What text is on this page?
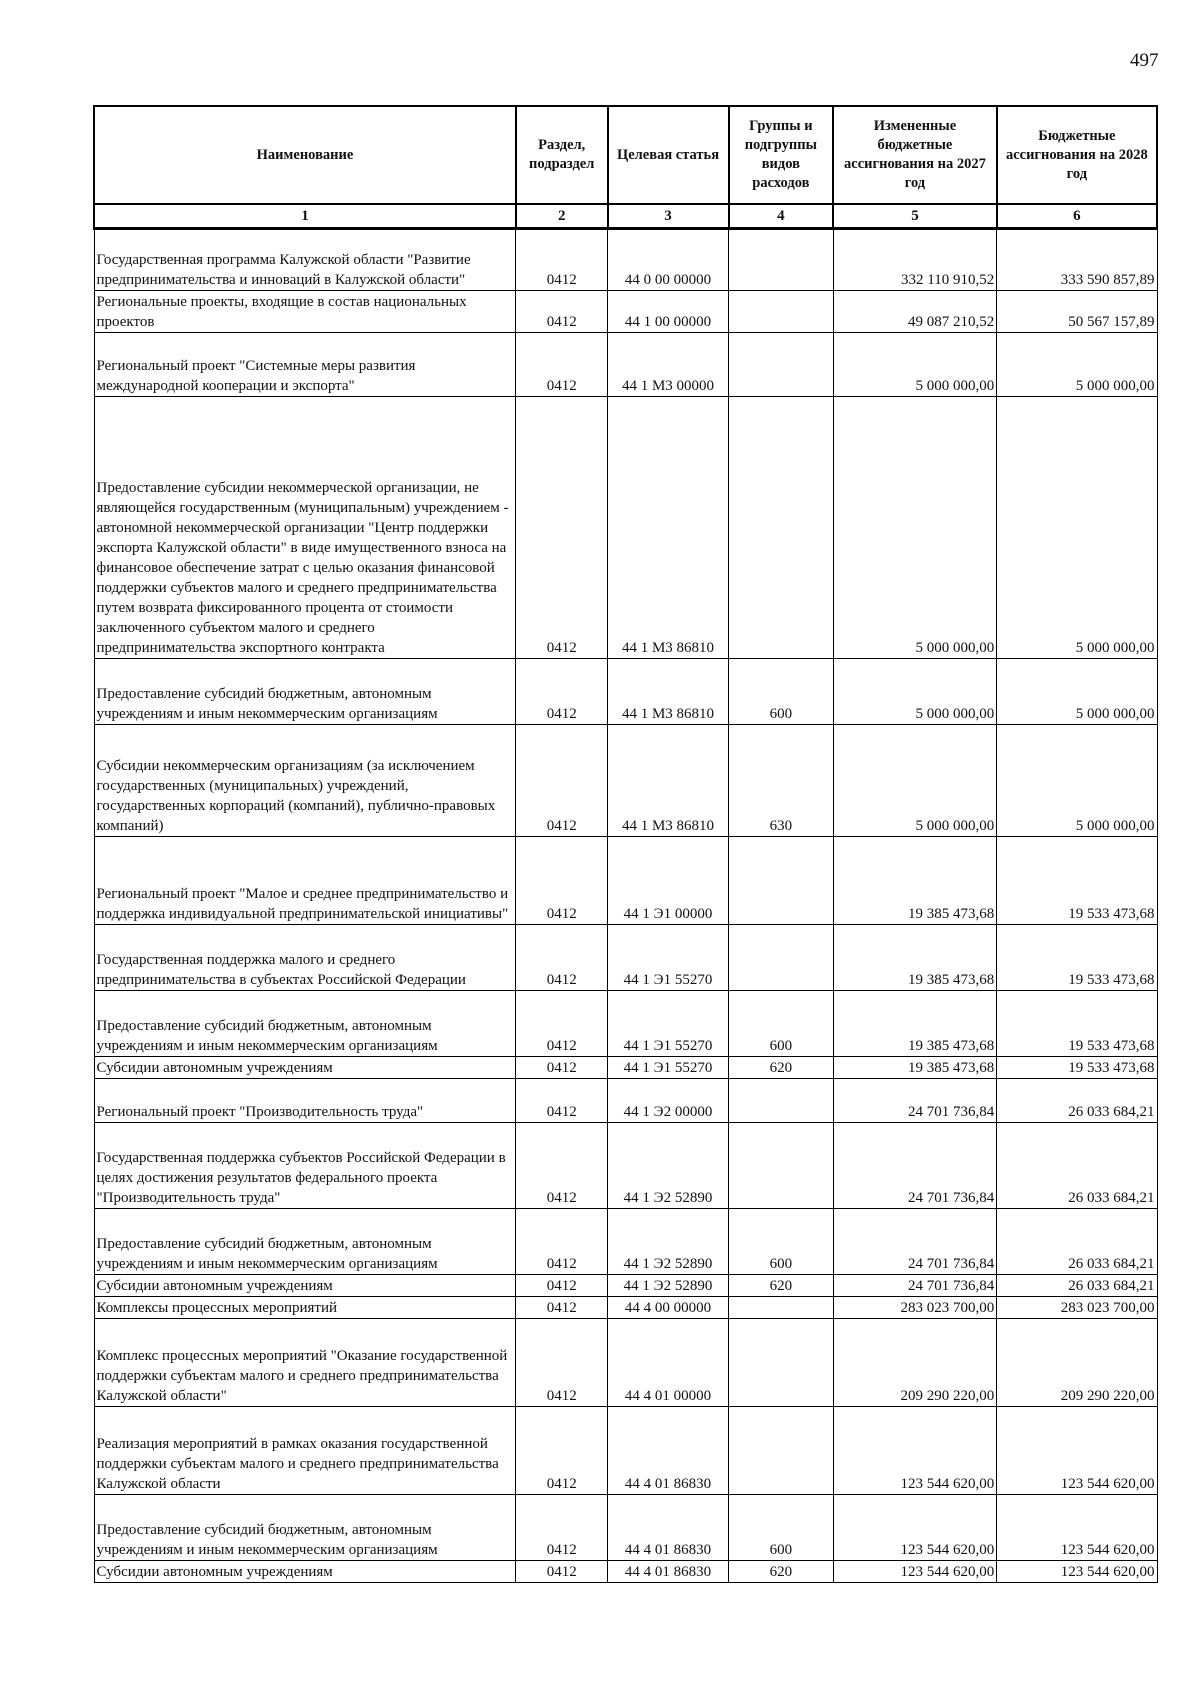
497
Наименование	Раздел, подраздел	Целевая статья	Группы и подгруппы видов расходов	Измененные бюджетные ассигнования на 2027 год	Бюджетные ассигнования на 2028 год
1	2	3	4	5	6
Государственная программа Калужской области "Развитие предпринимательства и инноваций в Калужской области"	0412	44 0 00 00000		332 110 910,52	333 590 857,89
Региональные проекты, входящие в состав национальных проектов	0412	44 1 00 00000		49 087 210,52	50 567 157,89
Региональный проект "Системные меры развития международной кооперации и экспорта"	0412	44 1 М3 00000		5 000 000,00	5 000 000,00
Предоставление субсидии некоммерческой организации, не являющейся государственным (муниципальным) учреждением - автономной некоммерческой организации "Центр поддержки экспорта Калужской области" в виде имущественного взноса на финансовое обеспечение затрат с целью оказания финансовой поддержки субъектов малого и среднего предпринимательства путем возврата фиксированного процента от стоимости заключенного субъектом малого и среднего предпринимательства экспортного контракта	0412	44 1 М3 86810		5 000 000,00	5 000 000,00
Предоставление субсидий бюджетным, автономным учреждениям и иным некоммерческим организациям	0412	44 1 М3 86810	600	5 000 000,00	5 000 000,00
Субсидии некоммерческим организациям (за исключением государственных (муниципальных) учреждений, государственных корпораций (компаний), публично-правовых компаний)	0412	44 1 М3 86810	630	5 000 000,00	5 000 000,00
Региональный проект "Малое и среднее предпринимательство и поддержка индивидуальной предпринимательской инициативы"	0412	44 1 Э1 00000		19 385 473,68	19 533 473,68
Государственная поддержка малого и среднего предпринимательства в субъектах Российской Федерации	0412	44 1 Э1 55270		19 385 473,68	19 533 473,68
Предоставление субсидий бюджетным, автономным учреждениям и иным некоммерческим организациям	0412	44 1 Э1 55270	600	19 385 473,68	19 533 473,68
Субсидии автономным учреждениям	0412	44 1 Э1 55270	620	19 385 473,68	19 533 473,68
Региональный проект "Производительность труда"	0412	44 1 Э2 00000		24 701 736,84	26 033 684,21
Государственная поддержка субъектов Российской Федерации в целях достижения результатов федерального проекта "Производительность труда"	0412	44 1 Э2 52890		24 701 736,84	26 033 684,21
Предоставление субсидий бюджетным, автономным учреждениям и иным некоммерческим организациям	0412	44 1 Э2 52890	600	24 701 736,84	26 033 684,21
Субсидии автономным учреждениям	0412	44 1 Э2 52890	620	24 701 736,84	26 033 684,21
Комплексы процессных мероприятий	0412	44 4 00 00000		283 023 700,00	283 023 700,00
Комплекс процессных мероприятий "Оказание государственной поддержки субъектам малого и среднего предпринимательства Калужской области"	0412	44 4 01 00000		209 290 220,00	209 290 220,00
Реализация мероприятий в рамках оказания государственной поддержки субъектам малого и среднего предпринимательства Калужской области	0412	44 4 01 86830		123 544 620,00	123 544 620,00
Предоставление субсидий бюджетным, автономным учреждениям и иным некоммерческим организациям	0412	44 4 01 86830	600	123 544 620,00	123 544 620,00
Субсидии автономным учреждениям	0412	44 4 01 86830	620	123 544 620,00	123 544 620,00
